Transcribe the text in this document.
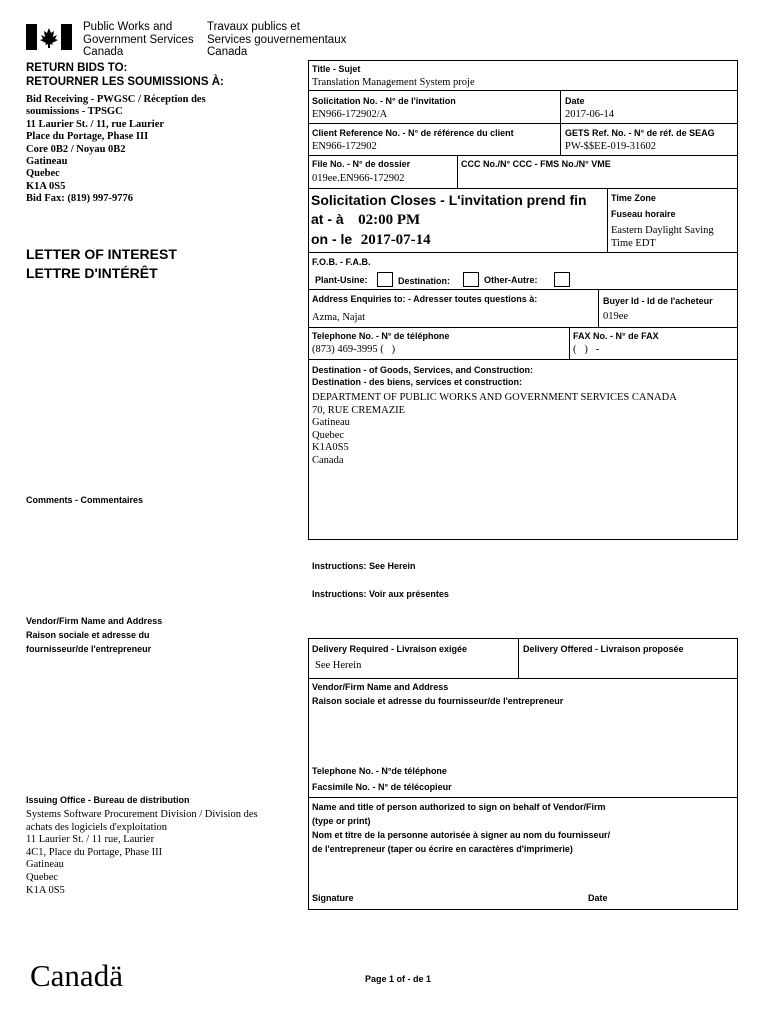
Public Works and
Government Services
Canada
Travaux publics et
Services gouvernementaux
Canada
RETURN BIDS TO:
RETOURNER LES SOUMISSIONS À:
Bid Receiving - PWGSC / Réception des
soumissions - TPSGC
11 Laurier St. / 11, rue Laurier
Place du Portage, Phase III
Core 0B2 / Noyau 0B2
Gatineau
Quebec
K1A 0S5
Bid Fax: (819) 997-9776
LETTER OF INTEREST
LETTRE D'INTÉRÊT
Comments - Commentaires
Vendor/Firm Name and Address
Raison sociale et adresse du
fournisseur/de l'entrepreneur
Issuing Office - Bureau de distribution
Systems Software Procurement Division / Division des
achats des logiciels d'exploitation
11 Laurier St. / 11 rue, Laurier
4C1, Place du Portage, Phase III
Gatineau
Quebec
K1A 0S5
Title - Sujet
Translation Management System proje
Solicitation No. - N° de l'invitation
EN966-172902/A
Date
2017-06-14
Client Reference No. - N° de référence du client
EN966-172902
GETS Ref. No. - N° de réf. de SEAG
PW-$$EE-019-31602
File No. - N° de dossier
019ee.EN966-172902
CCC No./N° CCC - FMS No./N° VME
Solicitation Closes - L'invitation prend fin
at - à 02:00 PM
on - le 2017-07-14
Time Zone
Fuseau horaire
Eastern Daylight Saving
Time EDT
F.O.B. - F.A.B.
Plant-Usine:	Destination:	Other-Autre:
Address Enquiries to: - Adresser toutes questions à:
Azma, Najat
Buyer Id - Id de l'acheteur
019ee
Telephone No. - N° de téléphone
(873) 469-3995 (   )
FAX No. - N° de FAX
(   )   -
Destination - of Goods, Services, and Construction:
Destination - des biens, services et construction:
DEPARTMENT OF PUBLIC WORKS AND GOVERNMENT SERVICES CANADA
70, RUE CREMAZIE
Gatineau
Quebec
K1A0S5
Canada
Instructions: See Herein
Instructions: Voir aux présentes
Delivery Required - Livraison exigée
See Herein
Delivery Offered - Livraison proposée
Vendor/Firm Name and Address
Raison sociale et adresse du fournisseur/de l'entrepreneur
Telephone No. - N°de téléphone
Facsimile No. - N° de télécopieur
Name and title of person authorized to sign on behalf of Vendor/Firm
(type or print)
Nom et titre de la personne autorisée à signer au nom du fournisseur/
de l'entrepreneur (taper ou écrire en caractères d'imprimerie)
Signature	Date
Canadä	Page 1 of - de 1
